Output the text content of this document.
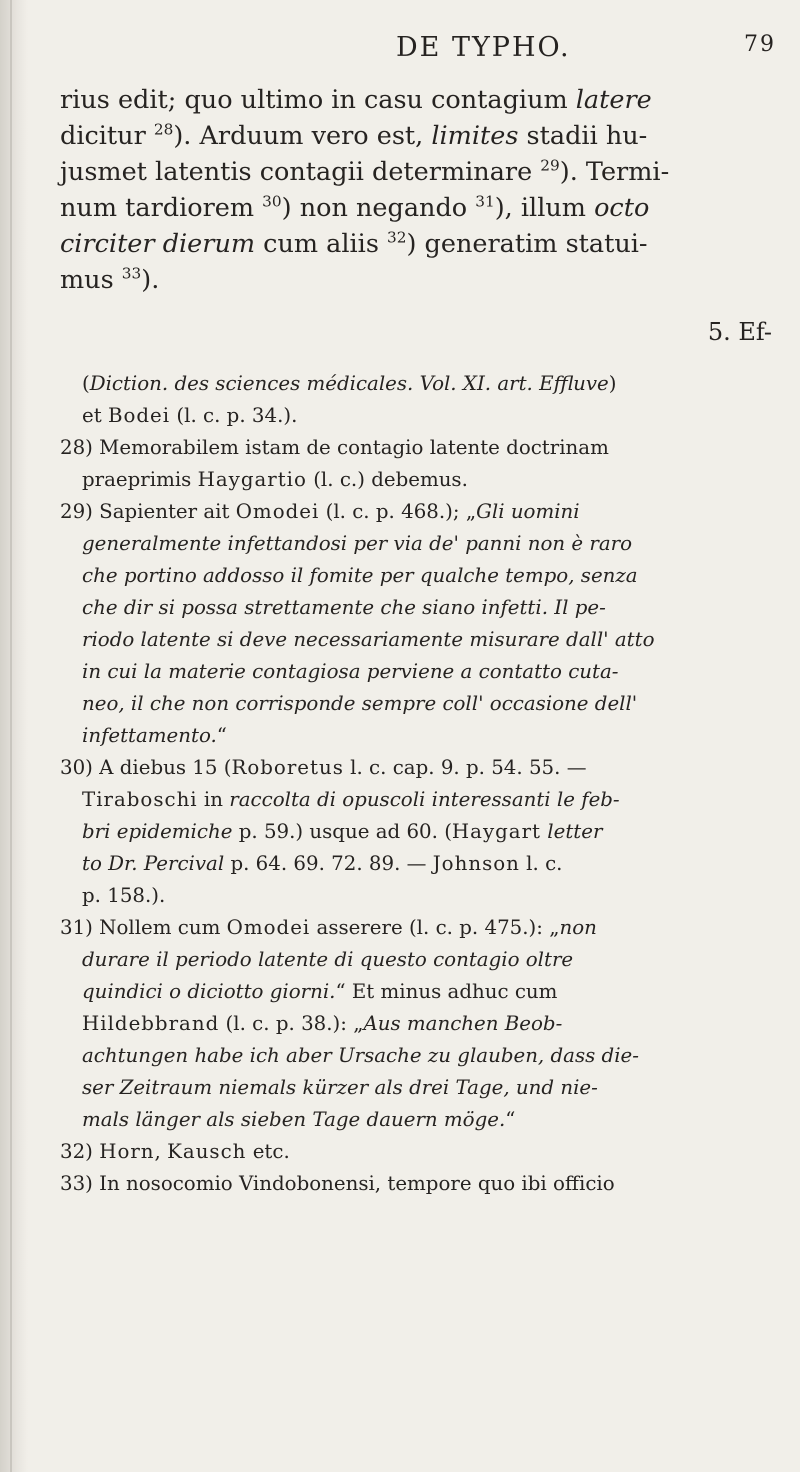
DE TYPHO.	79

rius edit; quo ultimo in casu contagium latere

dicitur $^{28}$). Arduum vero est, limites stadii hu-

jusmet latentis contagii determinare $^{29}$). Termi-

num tardiorem $^{30}$) non negando $^{31}$), illum octo

circiter dierum cum aliis $^{32}$) generatim statui-

mus $^{33}$).

5. Ef-

(Diction. des sciences médicales. Vol. XI. art. Effluve)

et Bodei (l. c. p. 34.).

28) Memorabilem istam de contagio latente doctrinam

praeprimis Haygartio (l. c.) debemus.

29) Sapienter ait Omodei (l. c. p. 468.); „Gli uomini

generalmente infettandosi per via de' panni non è raro

che portino addosso il fomite per qualche tempo, senza

che dir si possa strettamente che siano infetti. Il pe-

riodo latente si deve necessariamente misurare dall' atto

in cui la materie contagiosa perviene a contatto cuta-

neo, il che non corrisponde sempre coll' occasione dell'

infettamento.“

30) A diebus 15 (Roboretus l. c. cap. 9. p. 54. 55. —

Tiraboschi in raccolta di opuscoli interessanti le feb-

bri epidemiche p. 59.) usque ad 60. (Haygart letter

to Dr. Percival p. 64. 69. 72. 89. — Johnson l. c.

p. 158.).

31) Nollem cum Omodei asserere (l. c. p. 475.): „non

durare il periodo latente di questo contagio oltre

quindici o diciotto giorni.“ Et minus adhuc cum

Hildebbrand (l. c. p. 38.): „Aus manchen Beob-

achtungen habe ich aber Ursache zu glauben, dass die-

ser Zeitraum niemals kürzer als drei Tage, und nie-

mals länger als sieben Tage dauern möge.“

32) Horn, Kausch etc.

33) In nosocomio Vindobonensi, tempore quo ibi officio
